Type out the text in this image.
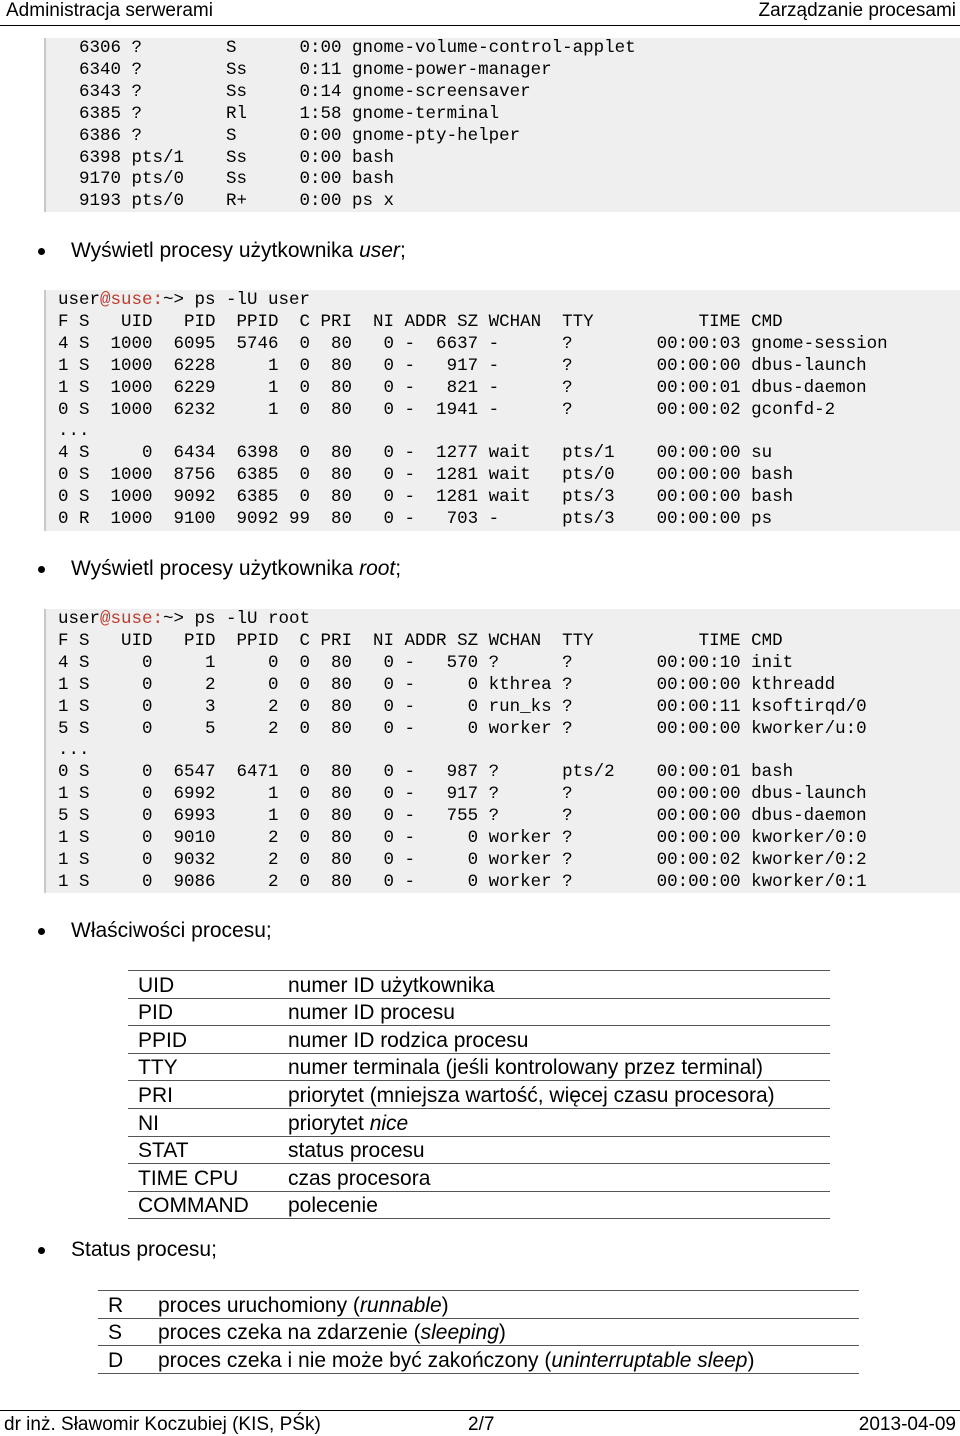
Administracja serwerami	Zarządzanie procesami
6306 ?        S      0:00 gnome-volume-control-applet
6340 ?        Ss     0:11 gnome-power-manager
6343 ?        Ss     0:14 gnome-screensaver
6385 ?        Rl     1:58 gnome-terminal
6386 ?        S      0:00 gnome-pty-helper
6398 pts/1    Ss     0:00 bash
9170 pts/0    Ss     0:00 bash
9193 pts/0    R+     0:00 ps x
Wyświetl procesy użytkownika user;
user@suse:~> ps -lU user
F S   UID   PID  PPID  C PRI  NI ADDR SZ WCHAN  TTY          TIME CMD
4 S  1000  6095  5746  0  80   0 -  6637 -      ?        00:00:03 gnome-session
1 S  1000  6228     1  0  80   0 -   917 -      ?        00:00:00 dbus-launch
1 S  1000  6229     1  0  80   0 -   821 -      ?        00:00:01 dbus-daemon
0 S  1000  6232     1  0  80   0 -  1941 -      ?        00:00:02 gconfd-2
...
4 S     0  6434  6398  0  80   0 -  1277 wait   pts/1    00:00:00 su
0 S  1000  8756  6385  0  80   0 -  1281 wait   pts/0    00:00:00 bash
0 S  1000  9092  6385  0  80   0 -  1281 wait   pts/3    00:00:00 bash
0 R  1000  9100  9092 99  80   0 -   703 -      pts/3    00:00:00 ps
Wyświetl procesy użytkownika root;
user@suse:~> ps -lU root
F S   UID   PID  PPID  C PRI  NI ADDR SZ WCHAN  TTY          TIME CMD
4 S     0     1     0  0  80   0 -   570 ?      ?        00:00:10 init
1 S     0     2     0  0  80   0 -     0 kthrea ?        00:00:00 kthreadd
1 S     0     3     2  0  80   0 -     0 run_ks ?        00:00:11 ksoftirqd/0
5 S     0     5     2  0  80   0 -     0 worker ?        00:00:00 kworker/u:0
...
0 S     0  6547  6471  0  80   0 -   987 ?      pts/2    00:00:01 bash
1 S     0  6992     1  0  80   0 -   917 ?      ?        00:00:00 dbus-launch
5 S     0  6993     1  0  80   0 -   755 ?      ?        00:00:00 dbus-daemon
1 S     0  9010     2  0  80   0 -     0 worker ?        00:00:00 kworker/0:0
1 S     0  9032     2  0  80   0 -     0 worker ?        00:00:02 kworker/0:2
1 S     0  9086     2  0  80   0 -     0 worker ?        00:00:00 kworker/0:1
Właściwości procesu;
UID	numer ID użytkownika
PID	numer ID procesu
PPID	numer ID rodzica procesu
TTY	numer terminala (jeśli kontrolowany przez terminal)
PRI	priorytet (mniejsza wartość, więcej czasu procesora)
NI	priorytet nice
STAT	status procesu
TIME CPU	czas procesora
COMMAND	polecenie
Status procesu;
R	proces uruchomiony (runnable)
S	proces czeka na zdarzenie (sleeping)
D	proces czeka i nie może być zakończony (uninterruptable sleep)
dr inż. Sławomir Koczubiej (KIS, PŚk)	2/7	2013-04-09
